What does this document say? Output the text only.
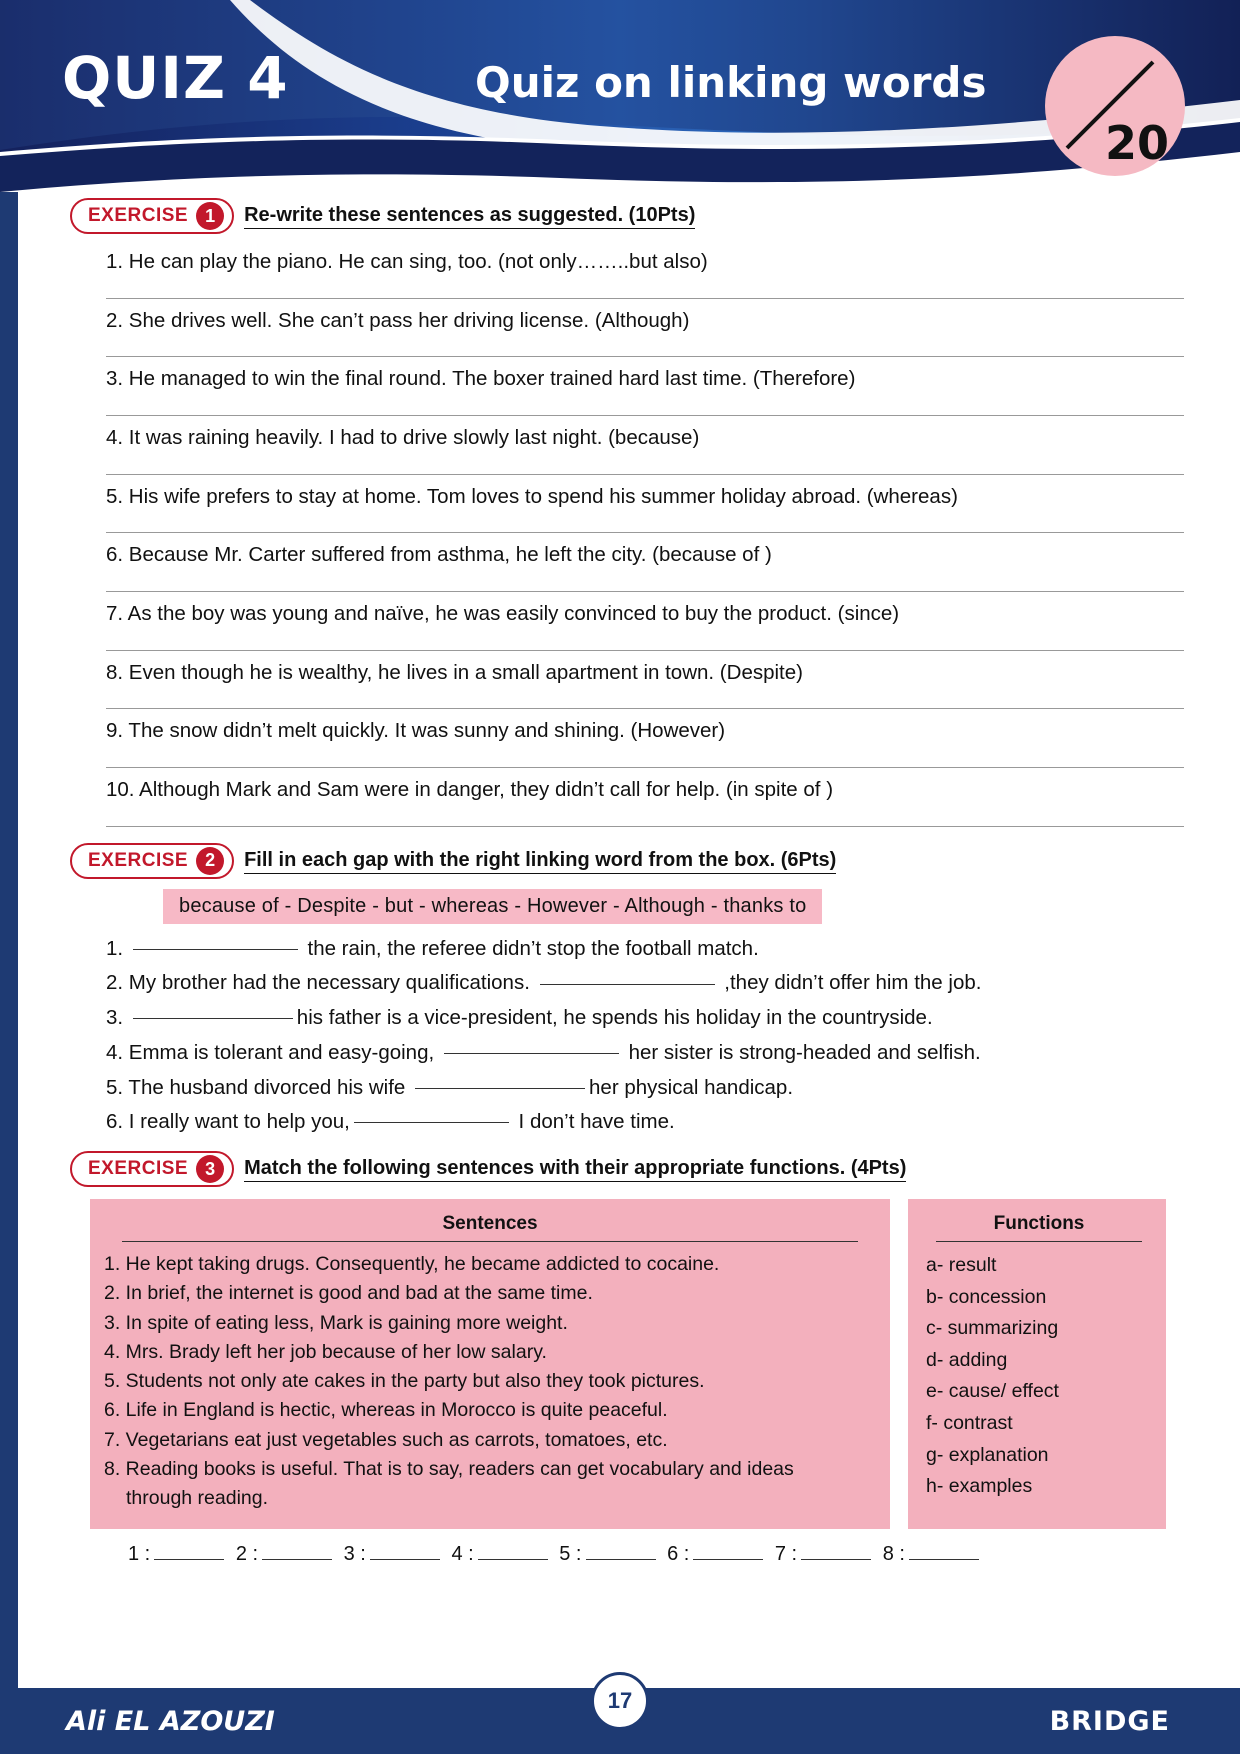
QUIZ 4	Quiz on linking words
20
EXERCISE 1	Re-write these sentences as suggested. (10Pts)
1. He can play the piano. He can sing, too. (not only……..but also)
2. She drives well. She can’t pass her driving license. (Although)
3. He managed to win the final round. The boxer trained hard last time. (Therefore)
4. It was raining heavily. I had to drive slowly last night. (because)
5. His wife prefers to stay at home. Tom loves to spend his summer holiday abroad. (whereas)
6. Because Mr. Carter suffered from asthma, he left the city. (because of )
7. As the boy was young and naïve, he was easily convinced to buy the product. (since)
8. Even though he is wealthy, he lives in a small apartment in town. (Despite)
9. The snow didn’t melt quickly. It was sunny and shining. (However)
10. Although Mark and Sam were in danger, they didn’t call for help. (in spite of )
EXERCISE 2	Fill in each gap with the right linking word from the box. (6Pts)
because of - Despite - but - whereas - However - Although - thanks to
1.	the rain, the referee didn’t stop the football match.
2. My brother had the necessary qualifications.	,they didn’t offer him the job.
3.	his father is a vice-president, he spends his holiday in the countryside.
4. Emma is tolerant and easy-going,	her sister is strong-headed and selfish.
5. The husband divorced his wife	her physical handicap.
6. I really want to help you,	I don’t have time.
EXERCISE 3	Match the following sentences with their appropriate functions. (4Pts)
Sentences
1. He kept taking drugs. Consequently, he became addicted to cocaine.
2. In brief, the internet is good and bad at the same time.
3. In spite of eating less, Mark is gaining more weight.
4. Mrs. Brady left her job because of her low salary.
5. Students not only ate cakes in the party but also they took pictures.
6. Life in England is hectic, whereas in Morocco is quite peaceful.
7. Vegetarians eat just vegetables such as carrots, tomatoes, etc.
8. Reading books is useful. That is to say, readers can get vocabulary and ideas
through reading.
Functions
a- result
b- concession
c- summarizing
d- adding
e- cause/ effect
f- contrast
g- explanation
h- examples
1 :	2 :	3 :	4 :	5 :	6 :	7 :	8 :
Ali EL AZOUZI
17
BRIDGE
